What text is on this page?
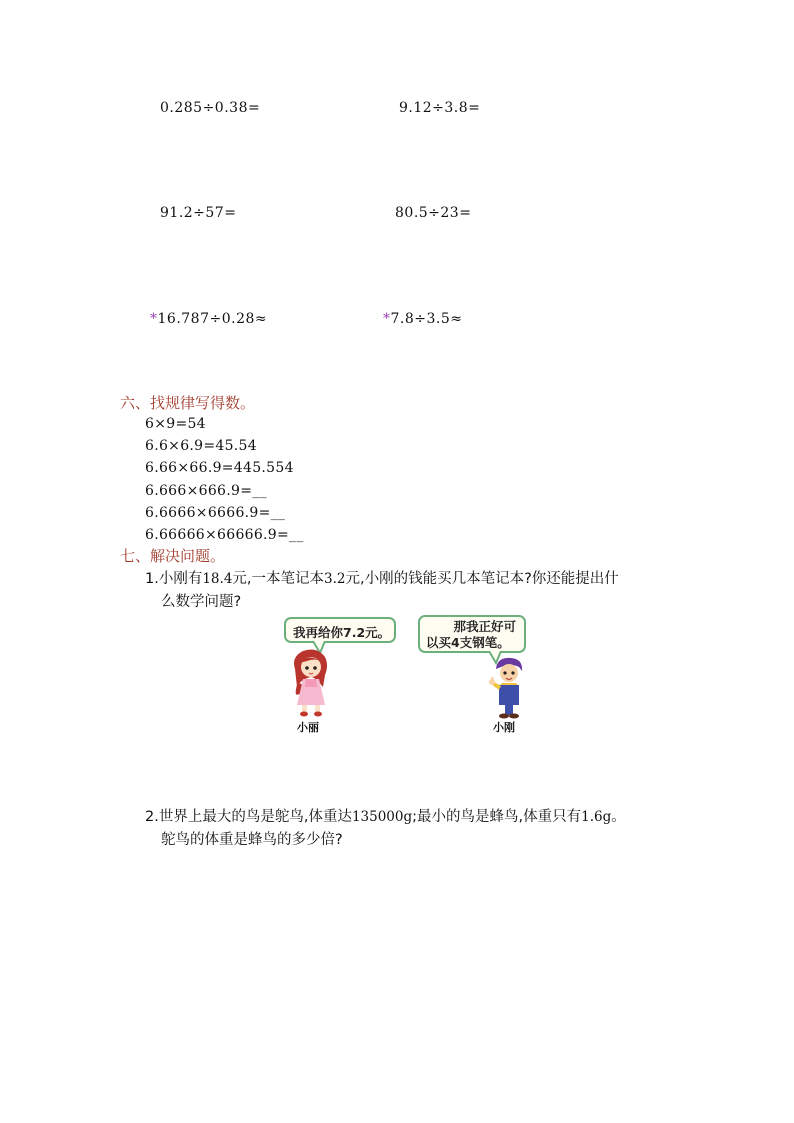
0.285÷0.38=	9.12÷3.8=
91.2÷57=	80.5÷23=
*16.787÷0.28≈	*7.8÷3.5≈
六、找规律写得数。
6×9=54
6.6×6.9=45.54
6.66×66.9=445.554
6.666×666.9=__
6.6666×6666.9=__
6.66666×66666.9=__
七、解决问题。
1.小刚有18.4元,一本笔记本3.2元,小刚的钱能买几本笔记本?你还能提出什
么数学问题?
我再给你7.2元。	那我正好可
以买4支钢笔。
小丽	小刚
2.世界上最大的鸟是鸵鸟,体重达135000g;最小的鸟是蜂鸟,体重只有1.6g。
鸵鸟的体重是蜂鸟的多少倍?
